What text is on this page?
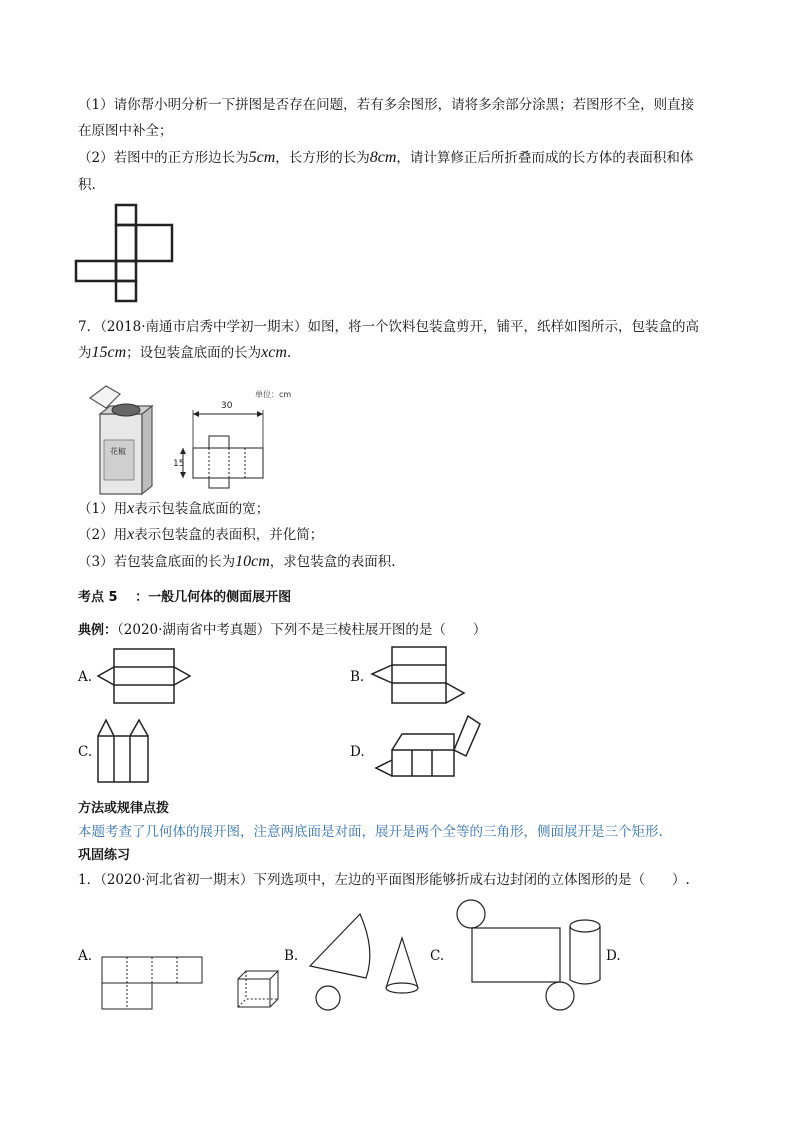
（1）请你帮小明分析一下拼图是否存在问题，若有多余图形，请将多余部分涂黑；若图形不全，则直接
在原图中补全；
（2）若图中的正方形边长为5cm，长方形的长为8cm，请计算修正后所折叠而成的长方体的表面积和体
积.
7．（2018·南通市启秀中学初一期末）如图，将一个饮料包装盒剪开，铺平，纸样如图所示，包装盒的高
为15cm；设包装盒底面的长为xcm.
花椒
单位：cm
30
15
（1）用x表示包装盒底面的宽；
（2）用x表示包装盒的表面积，并化简；
（3）若包装盒底面的长为10cm，求包装盒的表面积.
考点 5　 ：一般几何体的侧面展开图
典例：（2020·湖南省中考真题）下列不是三棱柱展开图的是（　　）
A.	B.
C.	D.
方法或规律点拨
本题考查了几何体的展开图，注意两底面是对面，展开是两个全等的三角形，侧面展开是三个矩形.
巩固练习
1．（2020·河北省初一期末）下列选项中，左边的平面图形能够折成右边封闭的立体图形的是（　　）.
A.	B.	C.	D.
